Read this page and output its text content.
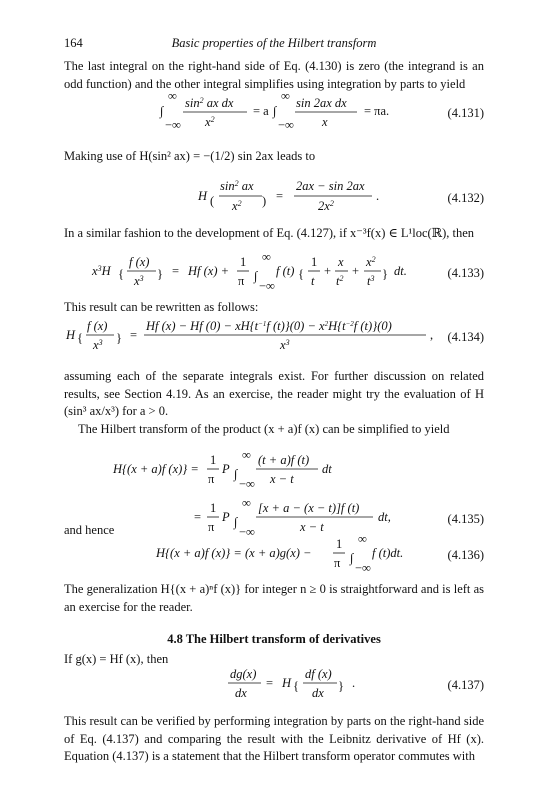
164	Basic properties of the Hilbert transform
The last integral on the right-hand side of Eq. (4.130) is zero (the integrand is an odd function) and the other integral simplifies using integration by parts to yield
∫
∞
−∞
$\sin^2$ ax dx
$x^2$
= a ∫
∞
−∞
sin 2ax dx
x
= πa.
H (
$\sin^2$ ax
$x^2$ ) =
2ax − sin 2ax
$2x^2$	.
$x^3H$ {
f (x)
$x^3$ } = Hf (x) +
1
π ∫
∞
−∞
f (t) {
1
t
+
x
$t^2$ +
$x^2$
$t^3$ } dt.
H {
f (x)
$x^3$ } =
Hf (x) − Hf $(0) - xH\{t^{-1}f$ $(t)\}(0) - x^2H\{t^{-2}f$ (t)}(0)
$x^3$	,
H{(x + a)f (x)} =
1
π
P ∫
∞
−∞
(t + a)f (t)
x − t
dt
=
1
π
P ∫
∞
−∞
[x + a − (x − t)]f (t)
x − t
dt,
H{(x + a)f (x)} = (x + a)g(x) −
1
π ∫
∞
−∞
f (t)dt.
dg(x)
dx
= H {
df (x)
dx } .
(4.131)
Making use of H(sin² ax) = −(1/2) sin 2ax leads to
(4.132)
In a similar fashion to the development of Eq. (4.127), if x⁻³f(x) ∈ L¹loc(ℝ), then
(4.133)
This result can be rewritten as follows:
(4.134)
assuming each of the separate integrals exist. For further discussion on related results, see Section 4.19. As an exercise, the reader might try the evaluation of H (sin³ ax/x³) for a > 0.
The Hilbert transform of the product (x + a)f (x) can be simplified to yield
(4.135)
and hence
(4.136)
The generalization H{(x + a)ⁿf (x)} for integer n ≥ 0 is straightforward and is left as an exercise for the reader.
4.8 The Hilbert transform of derivatives
If g(x) = Hf (x), then
(4.137)
This result can be verified by performing integration by parts on the right-hand side of Eq. (4.137) and comparing the result with the Leibnitz derivative of Hf (x). Equation (4.137) is a statement that the Hilbert transform operator commutes with
